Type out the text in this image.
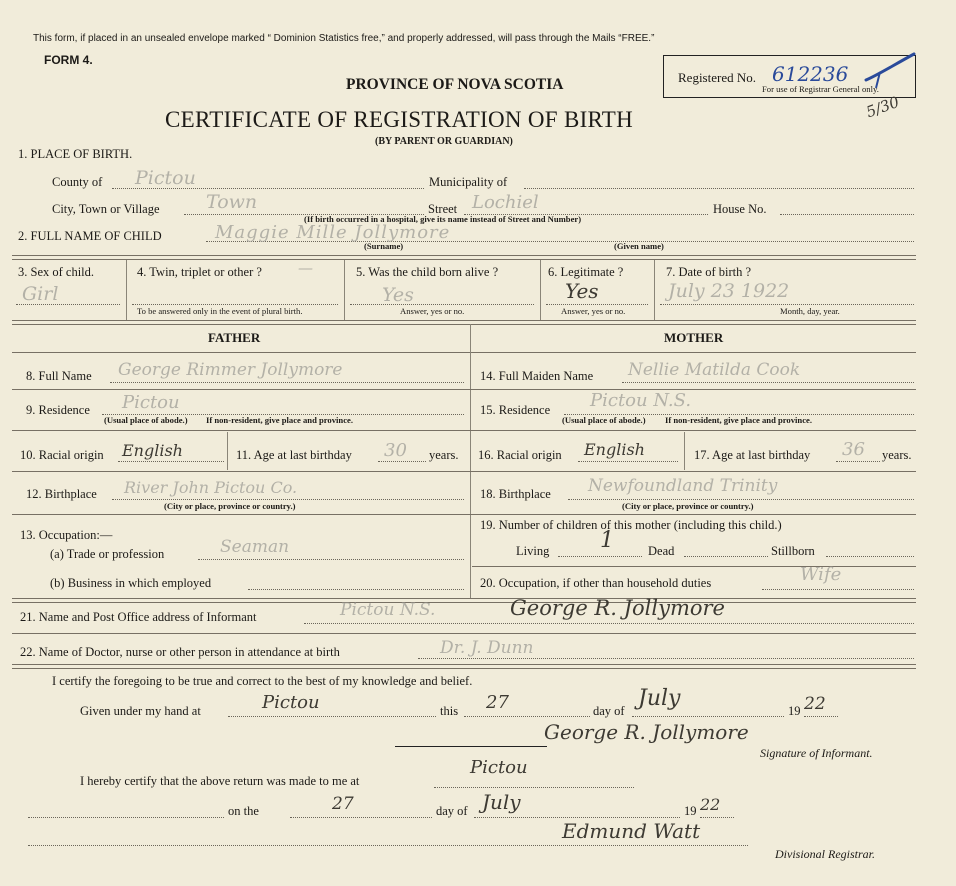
This form, if placed in an unsealed envelope marked “ Dominion Statistics free,” and properly addressed, will pass through the Mails “FREE.”
FORM 4.
PROVINCE OF NOVA SCOTIA
CERTIFICATE OF REGISTRATION OF BIRTH
(BY PARENT OR GUARDIAN)
Registered No. 612236
For use of Registrar General only.
5/30
1. PLACE OF BIRTH.
County of Pictou	Municipality of
City, Town or Village Town	Street Lochiel	House No.
(If birth occurred in a hospital, give its name instead of Street and Number)
2. FULL NAME OF CHILD	Maggie Mille Jollymore
(Surname)	(Given name)
3. Sex of child.
Girl
4. Twin, triplet or other ? —
To be answered only in the event of plural birth.
5. Was the child born alive ?
Yes
Answer, yes or no.
6. Legitimate ?
Yes
Answer, yes or no.
7. Date of birth ?
July 23 1922
Month, day, year.
FATHER	MOTHER
8. Full Name George Rimmer Jollymore	14. Full Maiden Name Nellie Matilda Cook
9. Residence Pictou
(Usual place of abode.) If non-resident, give place and province.
15. Residence Pictou N.S.
(Usual place of abode.) If non-resident, give place and province.
10. Racial origin English	11. Age at last birthday 30 years. 16. Racial origin English	17. Age at last birthday 36 years.
12. Birthplace River John Pictou Co.
(City or place, province or country.)
18. Birthplace Newfoundland Trinity
(City or place, province or country.)
13. Occupation:—
(a) Trade or profession	Seaman
(b) Business in which employed
19. Number of children of this mother (including this child.)
Living 1	Dead	Stillborn
20. Occupation, if other than household duties	Wife
21. Name and Post Office address of Informant	Pictou N.S.	George R. Jollymore
22. Name of Doctor, nurse or other person in attendance at birth	Dr. J. Dunn
I certify the foregoing to be true and correct to the best of my knowledge and belief.
Given under my hand at	Pictou	this 27	day of July	19 22
George R. Jollymore
Signature of Informant.
I hereby certify that the above return was made to me at
Pictou
on the	27	day of July	19 22
Edmund Watt
Divisional Registrar.
